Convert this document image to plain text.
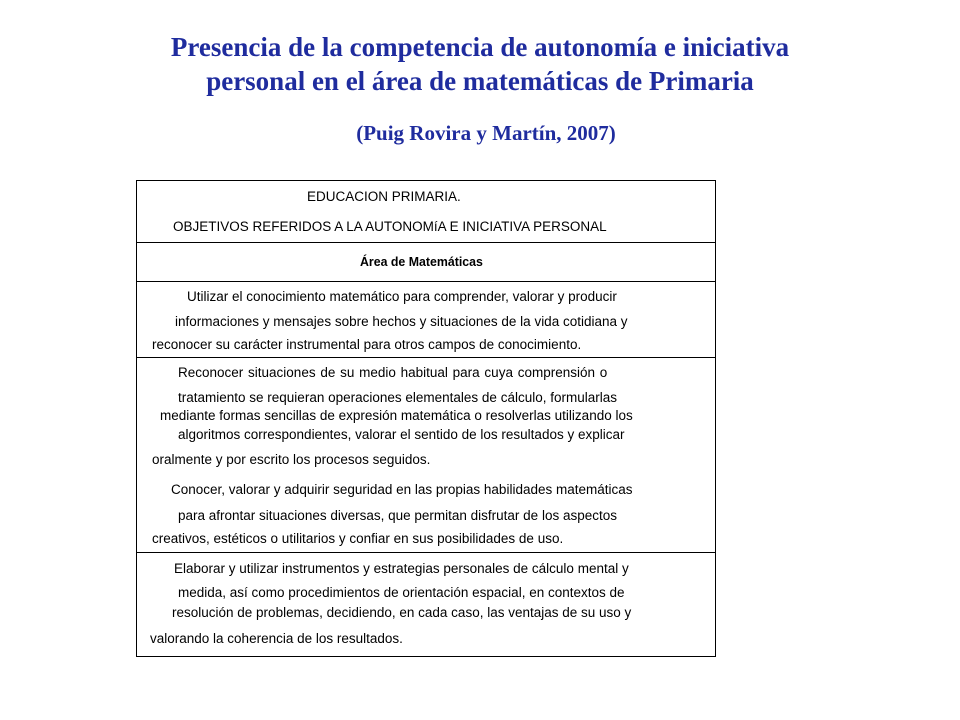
Presencia de la competencia de autonomía e iniciativa
personal en el área de matemáticas de Primaria
(Puig Rovira y Martín, 2007)
EDUCACION PRIMARIA.
OBJETIVOS REFERIDOS A LA AUTONOMíA E INICIATIVA PERSONAL
Área de Matemáticas
Utilizar el conocimiento matemático para comprender, valorar y producir
informaciones y mensajes sobre hechos y situaciones de la vida cotidiana y
reconocer su carácter instrumental para otros campos de conocimiento.
Reconocer situaciones de su medio habitual para cuya comprensión o
tratamiento se requieran operaciones elementales de cálculo, formularlas
mediante formas sencillas de expresión matemática o resolverlas utilizando los
algoritmos correspondientes, valorar el sentido de los resultados y explicar
oralmente y por escrito los procesos seguidos.
Conocer, valorar y adquirir seguridad en las propias habilidades matemáticas
para afrontar situaciones diversas, que permitan disfrutar de los aspectos
creativos, estéticos o utilitarios y confiar en sus posibilidades de uso.
Elaborar y utilizar instrumentos y estrategias personales de cálculo mental y
medida, así como procedimientos de orientación espacial, en contextos de
resolución de problemas, decidiendo, en cada caso, las ventajas de su uso y
valorando la coherencia de los resultados.
